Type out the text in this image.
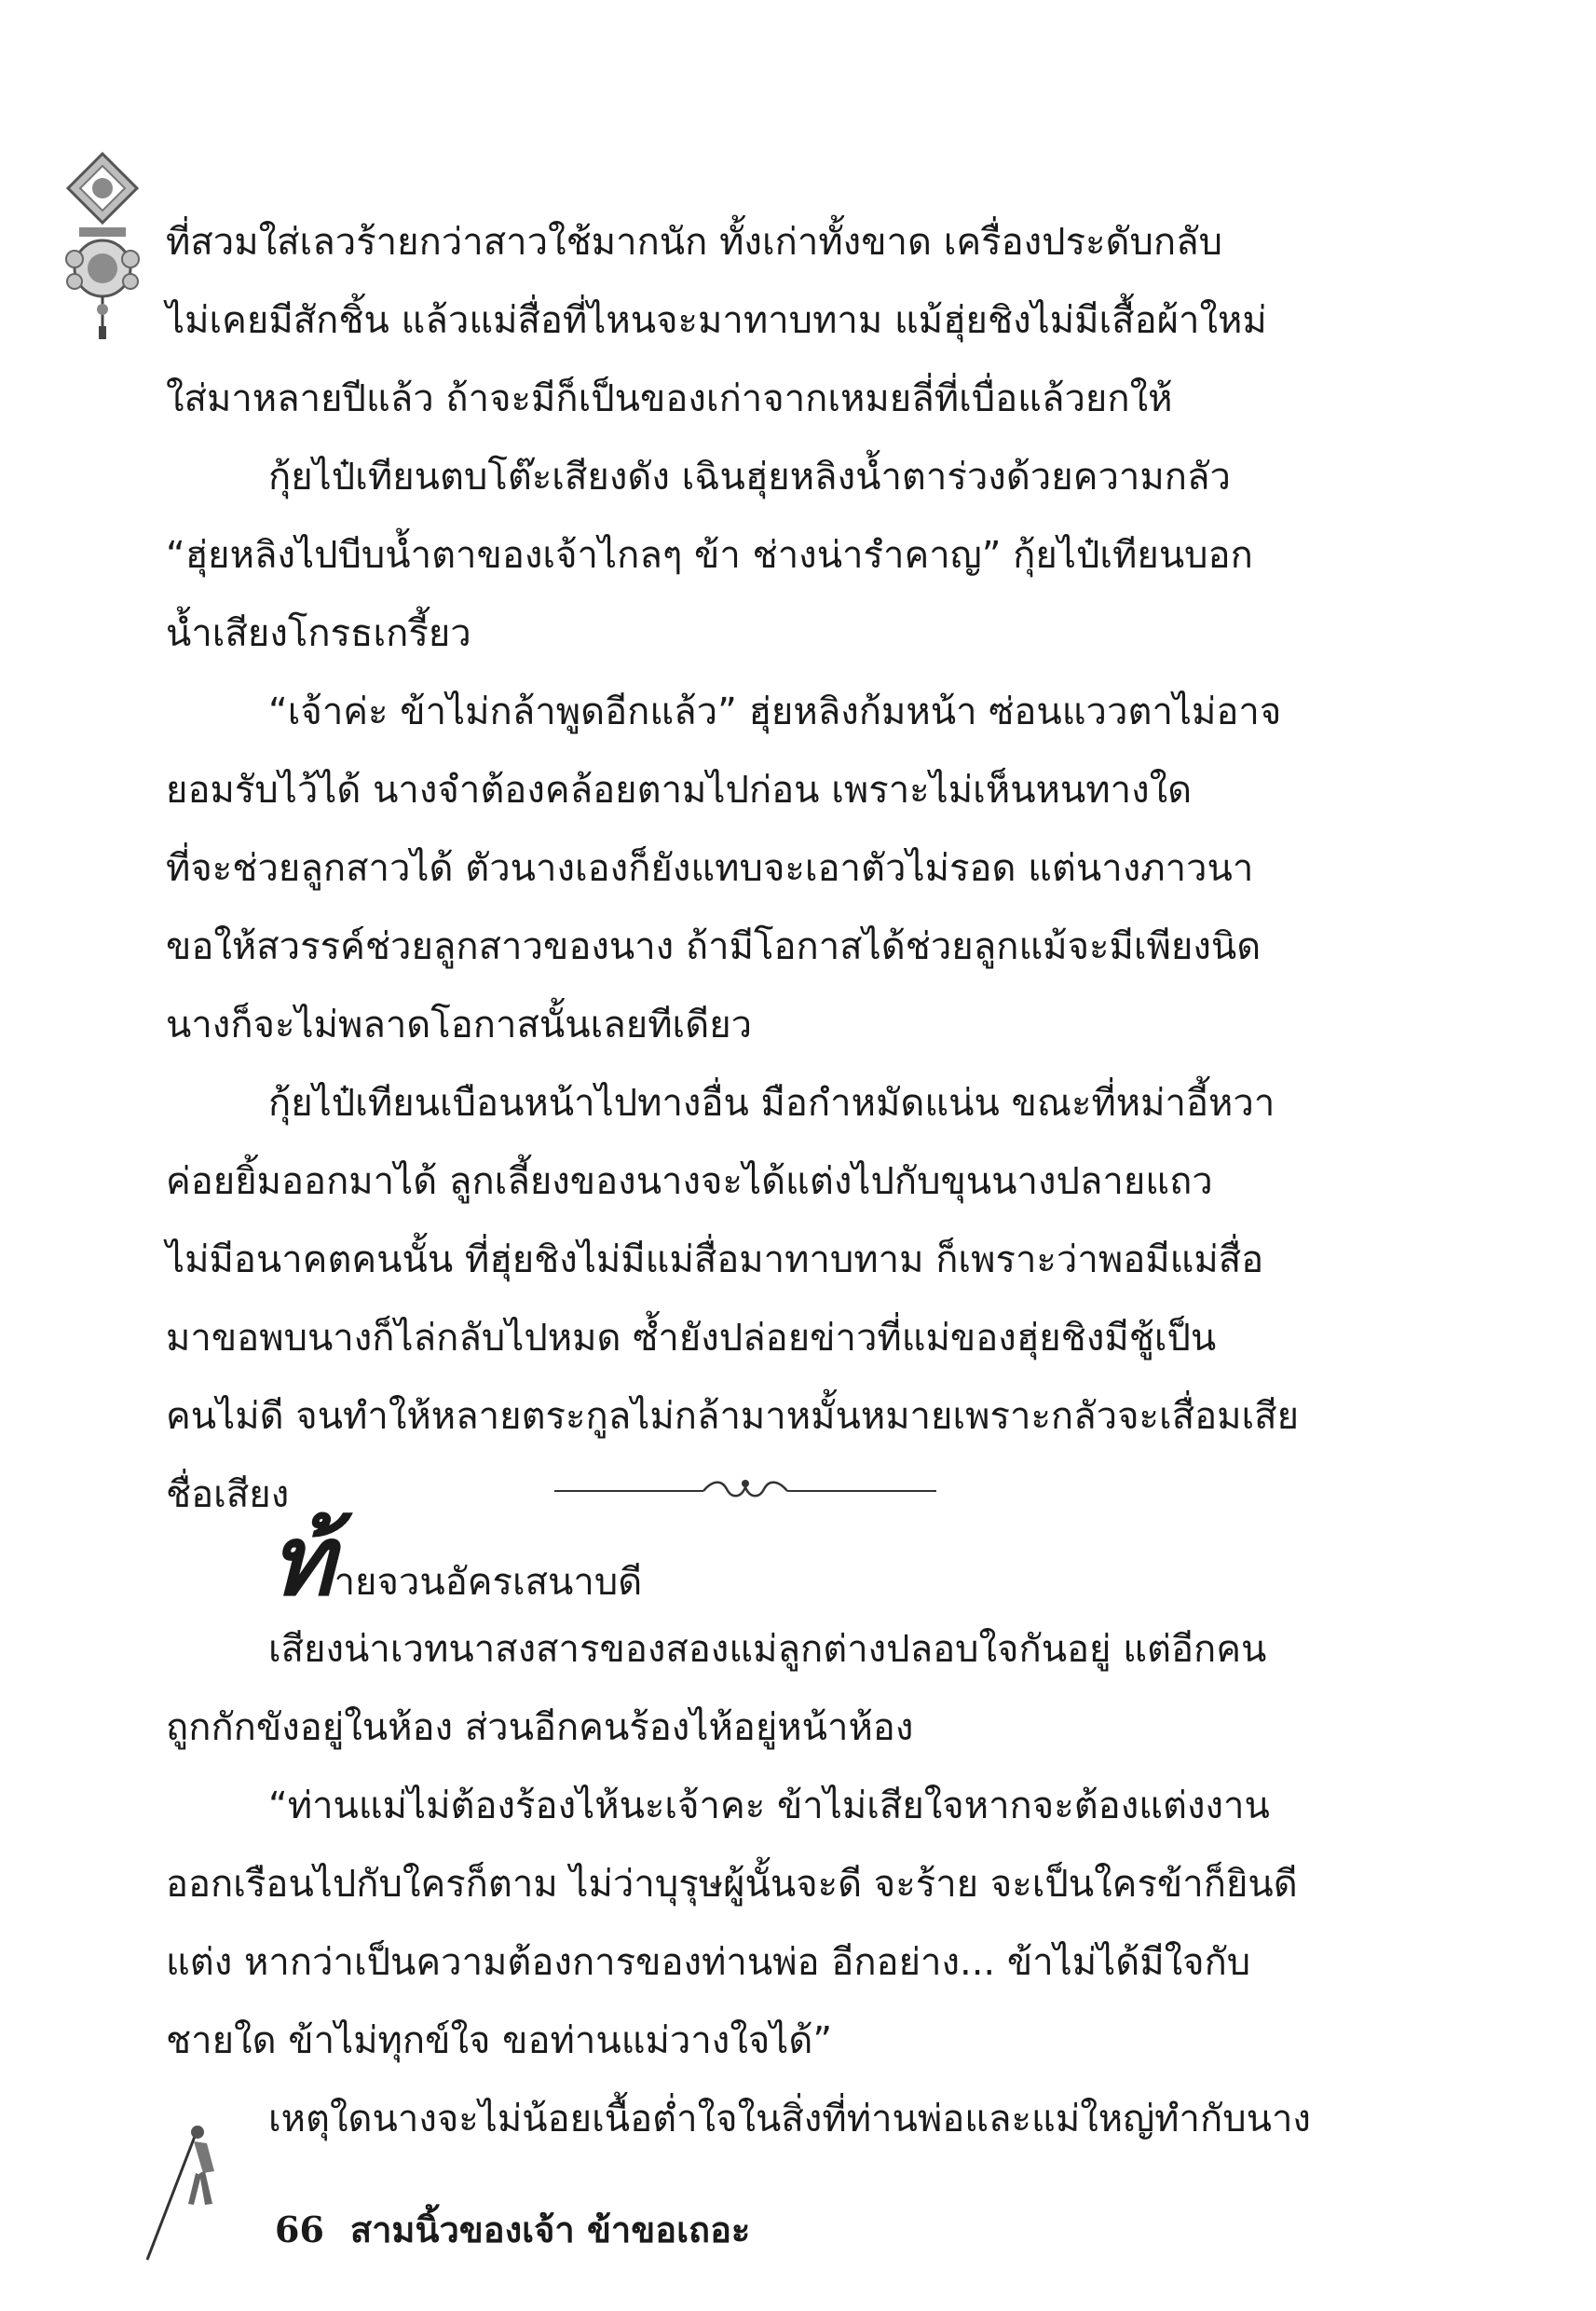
ที่สวมใส่เลวร้ายกว่าสาวใช้มากนัก ทั้งเก่าทั้งขาด เครื่องประดับกลับ
ไม่เคยมีสักชิ้น แล้วแม่สื่อที่ไหนจะมาทาบทาม แม้ฮุ่ยชิงไม่มีเสื้อผ้าใหม่
ใส่มาหลายปีแล้ว ถ้าจะมีก็เป็นของเก่าจากเหมยลี่ที่เบื่อแล้วยกให้
กุ้ยไป๋เทียนตบโต๊ะเสียงดัง เฉินฮุ่ยหลิงน้ำตาร่วงด้วยความกลัว
“ฮุ่ยหลิงไปบีบน้ำตาของเจ้าไกลๆ ข้า ช่างน่ารำคาญ” กุ้ยไป๋เทียนบอก
น้ำเสียงโกรธเกรี้ยว
“เจ้าค่ะ ข้าไม่กล้าพูดอีกแล้ว” ฮุ่ยหลิงก้มหน้า ซ่อนแววตาไม่อาจ
ยอมรับไว้ได้ นางจำต้องคล้อยตามไปก่อน เพราะไม่เห็นหนทางใด
ที่จะช่วยลูกสาวได้ ตัวนางเองก็ยังแทบจะเอาตัวไม่รอด แต่นางภาวนา
ขอให้สวรรค์ช่วยลูกสาวของนาง ถ้ามีโอกาสได้ช่วยลูกแม้จะมีเพียงนิด
นางก็จะไม่พลาดโอกาสนั้นเลยทีเดียว
กุ้ยไป๋เทียนเบือนหน้าไปทางอื่น มือกำหมัดแน่น ขณะที่หม่าอี้หวา
ค่อยยิ้มออกมาได้ ลูกเลี้ยงของนางจะได้แต่งไปกับขุนนางปลายแถว
ไม่มีอนาคตคนนั้น ที่ฮุ่ยชิงไม่มีแม่สื่อมาทาบทาม ก็เพราะว่าพอมีแม่สื่อ
มาขอพบนางก็ไล่กลับไปหมด ซ้ำยังปล่อยข่าวที่แม่ของฮุ่ยชิงมีชู้เป็น
คนไม่ดี จนทำให้หลายตระกูลไม่กล้ามาหมั้นหมายเพราะกลัวจะเสื่อมเสีย
ชื่อเสียง
ท้ายจวนอัครเสนาบดี
เสียงน่าเวทนาสงสารของสองแม่ลูกต่างปลอบใจกันอยู่ แต่อีกคน
ถูกกักขังอยู่ในห้อง ส่วนอีกคนร้องไห้อยู่หน้าห้อง
“ท่านแม่ไม่ต้องร้องไห้นะเจ้าคะ ข้าไม่เสียใจหากจะต้องแต่งงาน
ออกเรือนไปกับใครก็ตาม ไม่ว่าบุรุษผู้นั้นจะดี จะร้าย จะเป็นใครข้าก็ยินดี
แต่ง หากว่าเป็นความต้องการของท่านพ่อ อีกอย่าง... ข้าไม่ได้มีใจกับ
ชายใด ข้าไม่ทุกข์ใจ ขอท่านแม่วางใจได้”
เหตุใดนางจะไม่น้อยเนื้อต่ำใจในสิ่งที่ท่านพ่อและแม่ใหญ่ทำกับนาง
66 สามนิ้วของเจ้า ข้าขอเถอะ
